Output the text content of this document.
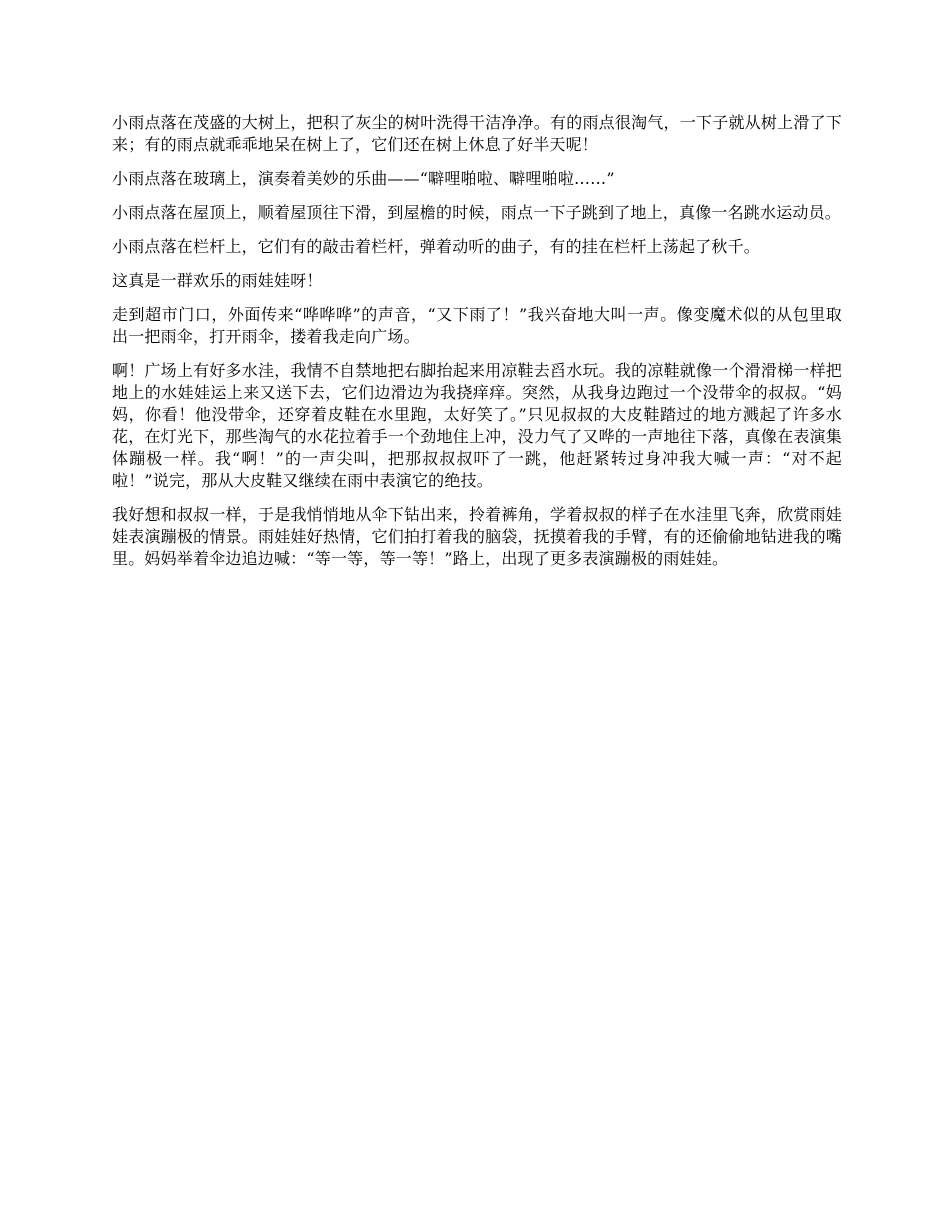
小雨点落在茂盛的大树上，把积了灰尘的树叶洗得干洁净净。有的雨点很淘气，一下子就从树上滑了下来；有的雨点就乖乖地呆在树上了，它们还在树上休息了好半天呢！

小雨点落在玻璃上，演奏着美妙的乐曲——“噼哩啪啦、噼哩啪啦……”

小雨点落在屋顶上，顺着屋顶往下滑，到屋檐的时候，雨点一下子跳到了地上，真像一名跳水运动员。

小雨点落在栏杆上，它们有的敲击着栏杆，弹着动听的曲子，有的挂在栏杆上荡起了秋千。

这真是一群欢乐的雨娃娃呀！

走到超市门口，外面传来“哗哗哗”的声音，“又下雨了！”我兴奋地大叫一声。像变魔术似的从包里取出一把雨伞，打开雨伞，搂着我走向广场。

啊！广场上有好多水洼，我情不自禁地把右脚抬起来用凉鞋去舀水玩。我的凉鞋就像一个滑滑梯一样把地上的水娃娃运上来又送下去，它们边滑边为我挠痒痒。突然，从我身边跑过一个没带伞的叔叔。“妈妈，你看！他没带伞，还穿着皮鞋在水里跑，太好笑了。”只见叔叔的大皮鞋踏过的地方溅起了许多水花，在灯光下，那些淘气的水花拉着手一个劲地住上冲，没力气了又哗的一声地往下落，真像在表演集体蹦极一样。我“啊！”的一声尖叫，把那叔叔叔吓了一跳，他赶紧转过身冲我大喊一声：“对不起啦！”说完，那从大皮鞋又继续在雨中表演它的绝技。

我好想和叔叔一样，于是我悄悄地从伞下钻出来，拎着裤角，学着叔叔的样子在水洼里飞奔，欣赏雨娃娃表演蹦极的情景。雨娃娃好热情，它们拍打着我的脑袋，抚摸着我的手臂，有的还偷偷地钻进我的嘴里。妈妈举着伞边追边喊：“等一等，等一等！”路上，出现了更多表演蹦极的雨娃娃。
